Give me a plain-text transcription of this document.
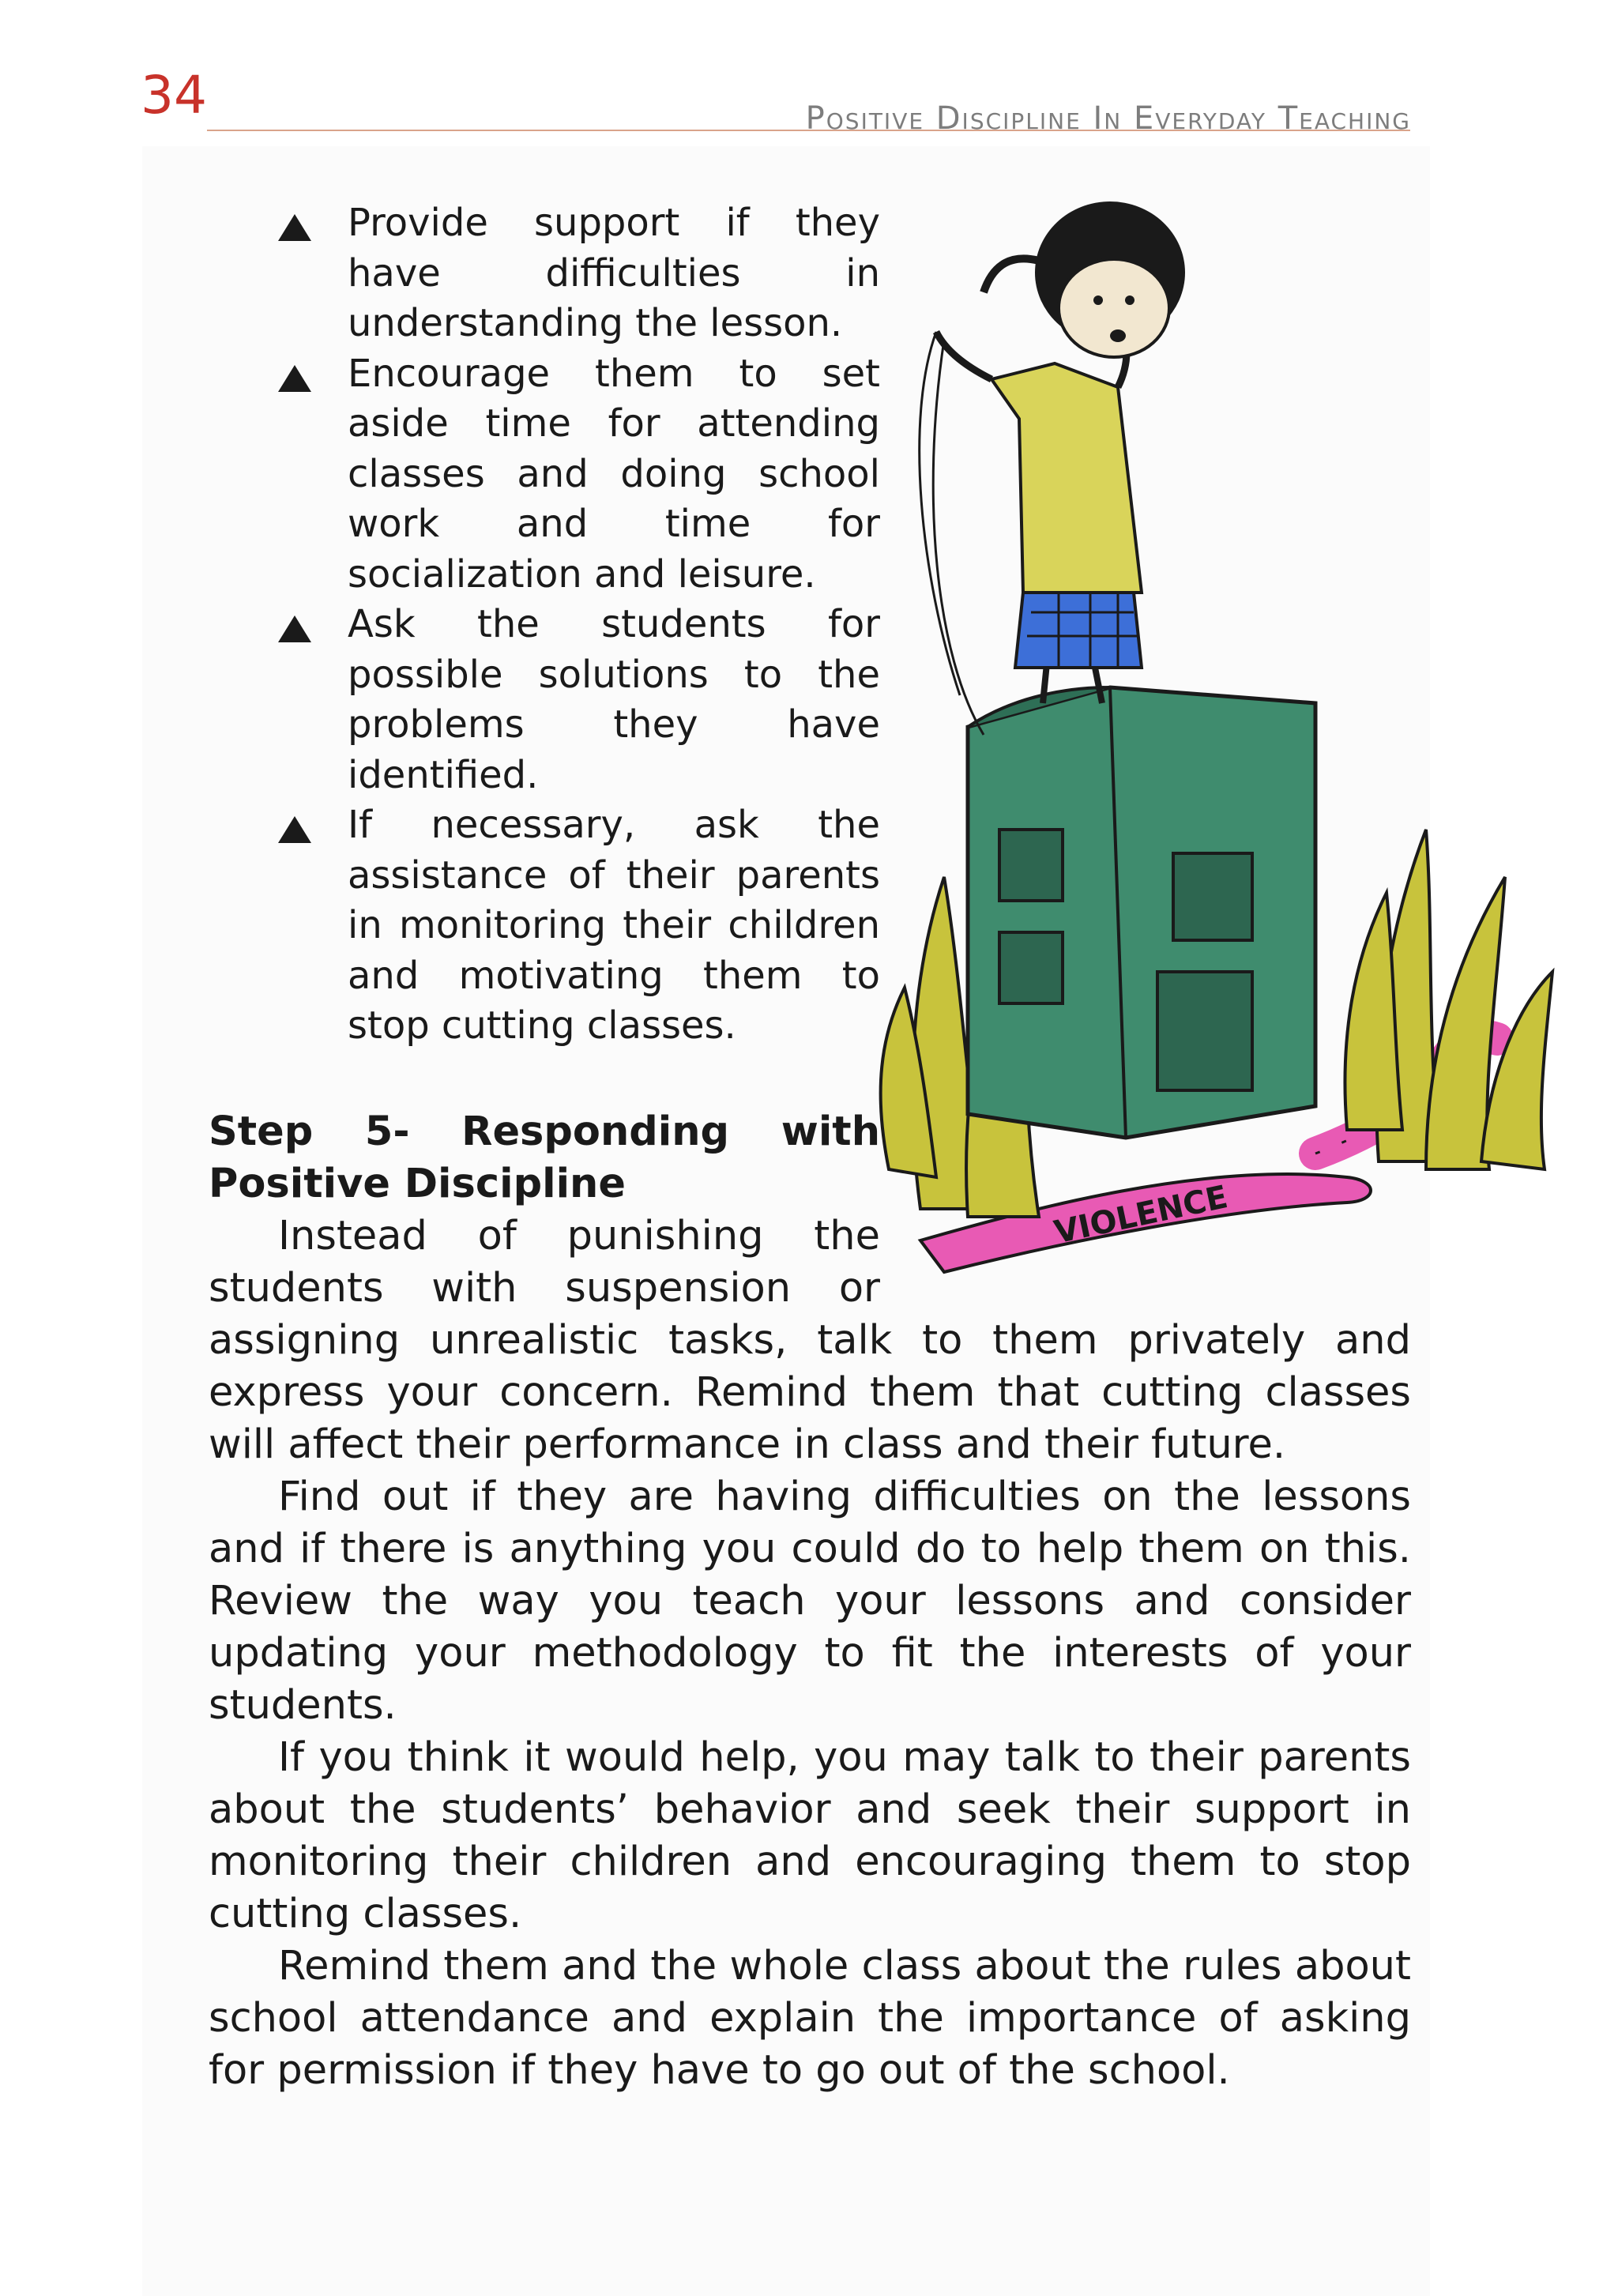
34	Positive Discipline In Everyday Teaching
Provide support if they have difficulties in understanding the lesson.
Encourage them to set aside time for attending classes and doing school work and time for socialization and leisure.
Ask the students for possible solutions to the problems they have identified.
If necessary, ask the assistance of their parents in monitoring their children and motivating them to stop cutting classes.
Step 5- Responding with Positive Discipline

Instead of punishing the students with suspension or assigning unrealistic tasks, talk to them privately and express your concern. Remind them that cutting classes will affect their performance in class and their future.

Find out if they are having difficulties on the lessons and if there is anything you could do to help them on this. Review the way you teach your lessons and consider updating your methodology to fit the interests of your students.

If you think it would help, you may talk to their parents about the students’ behavior and seek their support in monitoring their children and encouraging them to stop cutting classes.

Remind them and the whole class about the rules about school attendance and explain the importance of asking for permission if they have to go out of the school.

VIOLENCE
